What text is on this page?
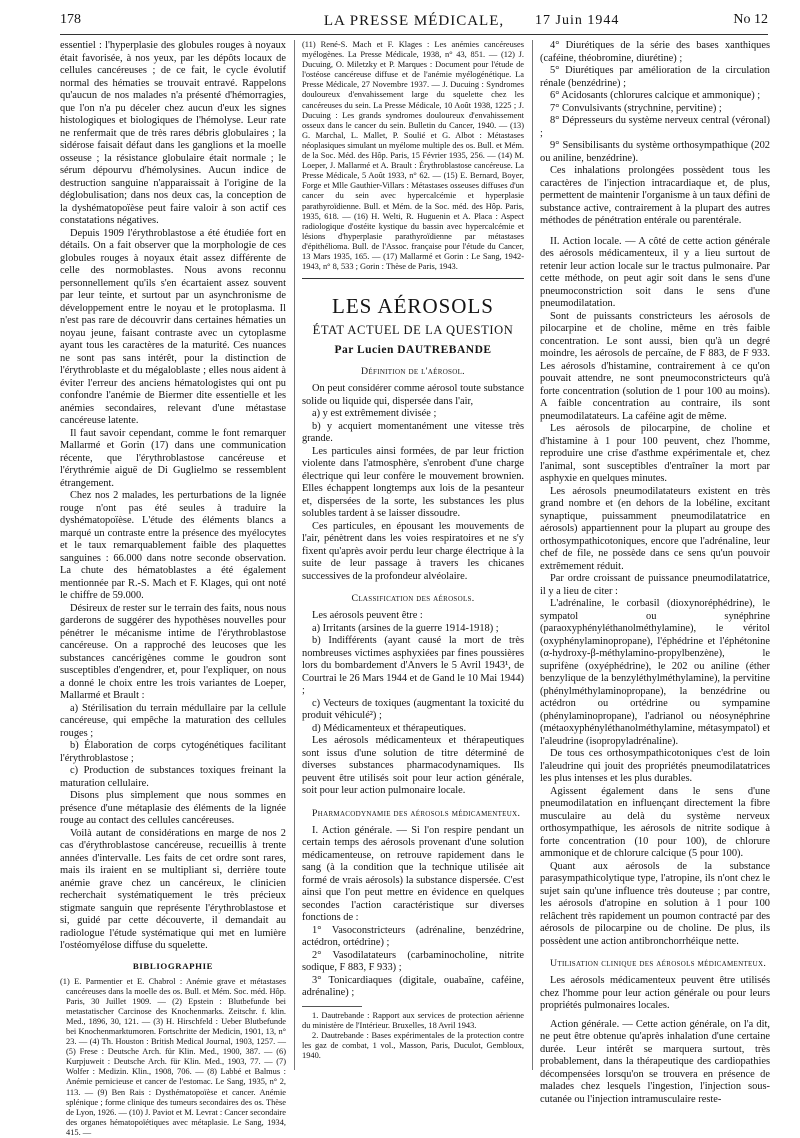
178	LA PRESSE MÉDICALE,	17 Juin 1944	No 12

essentiel : l'hyperplasie des globules rouges à noyaux était favorisée, à nos yeux, par les dépôts locaux de cellules cancéreuses ; de ce fait, le cycle évolutif normal des hématies se trouvait entravé. Rappelons qu'aucun de nos malades n'a présenté d'hémorragies, que l'on n'a pu déceler chez aucun d'eux les signes histologiques et biologiques de l'hémolyse. Leur rate ne renfermait que de très rares débris globulaires ; la sidérose faisait défaut dans les ganglions et la moelle osseuse ; la résistance globulaire était normale ; le sérum dépourvu d'hémolysines. Aucun indice de destruction sanguine n'apparaissait à l'origine de la déglobulisation; dans nos deux cas, la conception de la dyshématopoïèse peut faire valoir à son actif ces constatations négatives.

Depuis 1909 l'érythroblastose a été étudiée fort en détails. On a fait observer que la morphologie de ces globules rouges à noyaux était assez différente de celle des normoblastes. Nous avons reconnu personnellement qu'ils s'en écartaient assez souvent par leur teinte, et surtout par un asynchronisme de développement entre le noyau et le protoplasma. Il n'est pas rare de découvrir dans certaines hématies un noyau jeune, faisant contraste avec un cytoplasme ayant tous les caractères de la maturité. Ces nuances ne sont pas sans intérêt, pour la distinction de l'érythroblaste et du mégaloblaste ; elles nous aident à éviter l'erreur des anciens hématologistes qui ont pu confondre l'anémie de Biermer dite essentielle et les anémies secondaires, relevant d'une métastase cancéreuse latente.

Il faut savoir cependant, comme le font remarquer Mallarmé et Gorin (17) dans une communication récente, que l'érythroblastose cancéreuse et l'érythrémie aiguë de Di Guglielmo se ressemblent étrangement.

Chez nos 2 malades, les perturbations de la lignée rouge n'ont pas été seules à traduire la dyshématopoïèse. L'étude des éléments blancs a marqué un contraste entre la présence des myélocytes et le taux remarquablement faible des plaquettes sanguines : 66.000 dans notre seconde observation. La chute des hématoblastes a été également mentionnée par R.-S. Mach et F. Klages, qui ont noté le chiffre de 59.000.

Désireux de rester sur le terrain des faits, nous nous garderons de suggérer des hypothèses nouvelles pour pénétrer le mécanisme intime de l'érythroblastose cancéreuse. On a rapproché des leucoses que les substances cancérigènes comme le goudron sont susceptibles d'engendrer, et, pour l'expliquer, on nous a donné le choix entre les trois variantes de Loeper, Mallarmé et Brault :

a) Stérilisation du terrain médullaire par la cellule cancéreuse, qui empêche la maturation des cellules rouges ;

b) Élaboration de corps cytogénétiques facilitant l'érythroblastose ;

c) Production de substances toxiques freinant la maturation cellulaire.

Disons plus simplement que nous sommes en présence d'une métaplasie des éléments de la lignée rouge au contact des cellules cancéreuses.

Voilà autant de considérations en marge de nos 2 cas d'érythroblastose cancéreuse, recueillis à trente années d'intervalle. Les faits de cet ordre sont rares, mais ils iraient en se multipliant si, derrière toute anémie grave chez un cancéreux, le clinicien recherchait systématiquement le très précieux stigmate sanguin que représente l'érythroblastose et si, guidé par cette découverte, il demandait au radiologue l'étude systématique qui met en lumière l'ostéomyélose diffuse du squelette.

BIBLIOGRAPHIE

(1) E. Parmentier et E. Chabrol : Anémie grave et métastases cancéreuses dans la moelle des os. Bull. et Mém. Soc. méd. Hôp. Paris, 30 Juillet 1909. — (2) Epstein : Blutbefunde bei metastatischer Carcinose des Knochenmarks. Zeitschr. f. klin. Med., 1896, 30, 121. — (3) H. Hirschfeld : Ueber Blutbefunde bei Knochenmarktumoren. Fortschritte der Medicin, 1901, 13, n° 23. — (4) Th. Houston : British Medical Journal, 1903, 1257. — (5) Frese : Deutsche Arch. für Klin. Med., 1900, 387. — (6) Kurpjuweit : Deutsche Arch. für Klin. Med., 1903, 77. — (7) Wolfer : Medizin. Klin., 1908, 706. — (8) Labbé et Balmus : Anémie pernicieuse et cancer de l'estomac. Le Sang, 1935, n° 2, 113. — (9) Ben Rais : Dysthématopoïèse et cancer. Anémie splénique ; forme clinique des tumeurs secondaires des os. Thèse de Lyon, 1926. — (10) J. Paviot et M. Levrat : Cancer secondaire des organes hématopoïétiques avec métaplasie. Le Sang, 1934, 415. —

(11) René-S. Mach et F. Klages : Les anémies cancéreuses myélogènes. La Presse Médicale, 1938, n° 43, 851. — (12) J. Ducuing, O. Miletzky et P. Marques : Document pour l'étude de l'ostéose cancéreuse diffuse et de l'anémie myélogénétique. La Presse Médicale, 27 Novembre 1937. — J. Ducuing : Syndromes douloureux d'envahissement large du squelette chez les cancéreuses du sein. La Presse Médicale, 10 Août 1938, 1225 ; J. Ducuing : Les grands syndromes douloureux d'envahissement osseux dans le cancer du sein. Bulletin du Cancer, 1940. — (13) G. Marchal, L. Mallet, P. Soulié et G. Albot : Métastases néoplasiques simulant un myélome multiple des os. Bull. et Mém. de la Soc. Méd. des Hôp. Paris, 15 Février 1935, 256. — (14) M. Loeper, J. Mallarmé et A. Brault : Érythroblastose cancéreuse. La Presse Médicale, 5 Août 1933, n° 62. — (15) E. Bernard, Boyer, Forge et Mlle Gauthier-Villars : Métastases osseuses diffuses d'un cancer du sein avec hypercalcémie et hyperplasie parathyroïdienne. Bull. et Mém. de la Soc. méd. des Hôp. Paris, 1935, 618. — (16) H. Welti, R. Huguenin et A. Placa : Aspect radiologique d'ostéite kystique du bassin avec hypercalcémie et lésions d'hyperplasie parathyroïdienne par métastases d'épithélioma. Bull. de l'Assoc. française pour l'étude du Cancer, 13 Mars 1935, 165. — (17) Mallarmé et Gorin : Le Sang, 1942-1943, n° 8, 533 ; Gorin : Thèse de Paris, 1943.

LES AÉROSOLS
ÉTAT ACTUEL DE LA QUESTION
Par Lucien DAUTREBANDE
Définition de l'aérosol.

On peut considérer comme aérosol toute substance solide ou liquide qui, dispersée dans l'air,

a) y est extrêmement divisée ;

b) y acquiert momentanément une vitesse très grande.

Les particules ainsi formées, de par leur friction violente dans l'atmosphère, s'enrobent d'une charge électrique qui leur confère le mouvement brownien. Elles échappent longtemps aux lois de la pesanteur et, dispersées de la sorte, les substances les plus solubles tardent à se laisser dissoudre.

Ces particules, en épousant les mouvements de l'air, pénètrent dans les voies respiratoires et ne s'y fixent qu'après avoir perdu leur charge électrique à la suite de leur passage à travers les chicanes successives de la profondeur alvéolaire.

Classification des aérosols.

Les aérosols peuvent être :

a) Irritants (arsines de la guerre 1914-1918) ;

b) Indifférents (ayant causé la mort de très nombreuses victimes asphyxiées par fines poussières lors du bombardement d'Anvers le 5 Avril 1943¹, de Courtrai le 26 Mars 1944 et de Gand le 10 Mai 1944) ;

c) Vecteurs de toxiques (augmentant la toxicité du produit véhiculé²) ;

d) Médicamenteux et thérapeutiques.

Les aérosols médicamenteux et thérapeutiques sont issus d'une solution de titre déterminé de diverses substances pharmacodynamiques. Ils peuvent être utilisés soit pour leur action générale, soit pour leur action pulmonaire locale.

Pharmacodynamie des aérosols médicamenteux.

I. Action générale. — Si l'on respire pendant un certain temps des aérosols provenant d'une solution médicamenteuse, on retrouve rapidement dans le sang (à la condition que la technique utilisée ait formé de vrais aérosols) la substance dispersée. C'est ainsi que l'on peut mettre en évidence en quelques secondes l'action caractéristique sur diverses fonctions de :

1° Vasoconstricteurs (adrénaline, benzédrine, actédron, ortédrine) ;

2° Vasodilatateurs (carbaminocholine, nitrite sodique, F 883, F 933) ;

3° Tonicardiaques (digitale, ouabaïne, caféine, adrénaline) ;

1. Dautrebande : Rapport aux services de protection aérienne du ministère de l'Intérieur. Bruxelles, 18 Avril 1943.

2. Dautrebande : Bases expérimentales de la protection contre les gaz de combat, 1 vol., Masson, Paris, Duculot, Gembloux, 1940.

4° Diurétiques de la série des bases xanthiques (caféine, théobromine, diurétine) ;

5° Diurétiques par amélioration de la circulation rénale (benzédrine) ;

6° Acidosants (chlorures calcique et ammonique) ;

7° Convulsivants (strychnine, pervitine) ;

8° Dépresseurs du système nerveux central (véronal) ;

9° Sensibilisants du système orthosympathique (202 ou aniline, benzédrine).

Ces inhalations prolongées possèdent tous les caractères de l'injection intracardiaque et, de plus, permettent de maintenir l'organisme à un taux défini de substance active, contrairement à la plupart des autres méthodes de pénétration entérale ou parentérale.

II. Action locale. — A côté de cette action générale des aérosols médicamenteux, il y a lieu surtout de retenir leur action locale sur le tractus pulmonaire. Par cette méthode, on peut agir soit dans le sens d'une pneumoconstriction soit dans le sens d'une pneumodilatation.

Sont de puissants constricteurs les aérosols de pilocarpine et de choline, même en très faible concentration. Le sont aussi, bien qu'à un degré moindre, les aérosols de percaïne, de F 883, de F 933. Les aérosols d'histamine, contrairement à ce qu'on pouvait attendre, ne sont pneumoconstricteurs qu'à forte concentration (solution de 1 pour 100 au moins). A faible concentration au contraire, ils sont pneumodilatateurs. La caféine agit de même.

Les aérosols de pilocarpine, de choline et d'histamine à 1 pour 100 peuvent, chez l'homme, reproduire une crise d'asthme expérimentale et, chez l'animal, sont susceptibles d'entraîner la mort par asphyxie en quelques minutes.

Les aérosols pneumodilatateurs existent en très grand nombre et (en dehors de la lobéline, excitant synaptique, puissamment pneumodilatatrice en aérosols) appartiennent pour la plupart au groupe des orthosympathicotoniques, encore que l'adrénaline, leur chef de file, ne possède dans ce sens qu'un pouvoir extrêmement réduit.

Par ordre croissant de puissance pneumodilatatrice, il y a lieu de citer :

L'adrénaline, le corbasil (dioxynoréphédrine), le sympatol ou synéphrine (paraoxyphényléthanolméthylamine), le véritol (oxyphénylaminopropane), l'éphédrine et l'éphétonine (α-hydroxy-β-méthylamino-propylbenzène), le suprifène (oxyéphédrine), le 202 ou aniline (éther benzylique de la benzyléthylméthylamine), la pervitine (phénylméthylaminopropane), la benzédrine ou actédron ou ortédrine ou sympamine (phénylaminopropane), l'adrianol ou néosynéphrine (métaoxyphényléthanolméthylamine, métasympatol) et l'aleudrine (isopropyladrénaline).

De tous ces orthosympathicotoniques c'est de loin l'aleudrine qui jouit des propriétés pneumodilatatrices les plus intenses et les plus durables.

Agissent également dans le sens d'une pneumodilatation en influençant directement la fibre musculaire au delà du système nerveux orthosympathique, les aérosols de nitrite sodique à forte concentration (10 pour 100), de chlorure ammonique et de chlorure calcique (5 pour 100).

Quant aux aérosols de la substance parasympathicolytique type, l'atropine, ils n'ont chez le sujet sain qu'une influence très douteuse ; par contre, les aérosols d'atropine en solution à 1 pour 100 relâchent très rapidement un poumon contracté par des aérosols de pilocarpine ou de choline. De plus, ils possèdent une action antibronchorrhéique nette.

Utilisation clinique des aérosols médicamenteux.

Les aérosols médicamenteux peuvent être utilisés chez l'homme pour leur action générale ou pour leurs propriétés pulmonaires locales.

Action générale. — Cette action générale, on l'a dit, ne peut être obtenue qu'après inhalation d'une certaine durée. Leur intérêt se marquera surtout, très probablement, dans la thérapeutique des cardiopathies décompensées lorsqu'on se trouvera en présence de malades chez lesquels l'ingestion, l'injection sous-cutanée ou l'injection intramusculaire reste-
